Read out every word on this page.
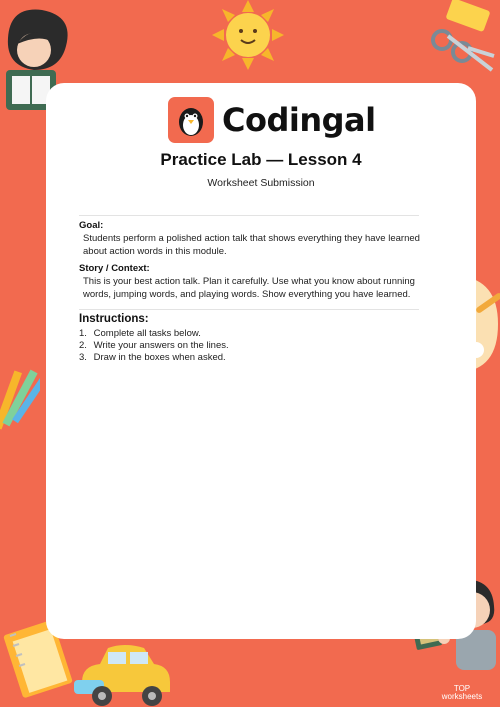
Codingal
Practice Lab — Lesson 4
Worksheet Submission
Goal:
Students perform a polished action talk that shows everything they have learned
about action words in this module.
Story / Context:
This is your best action talk. Plan it carefully. Use what you know about running
words, jumping words, and playing words. Show everything you have learned.
Instructions:
1. Complete all tasks below.
2. Write your answers on the lines.
3. Draw in the boxes when asked.
TOP
worksheets
